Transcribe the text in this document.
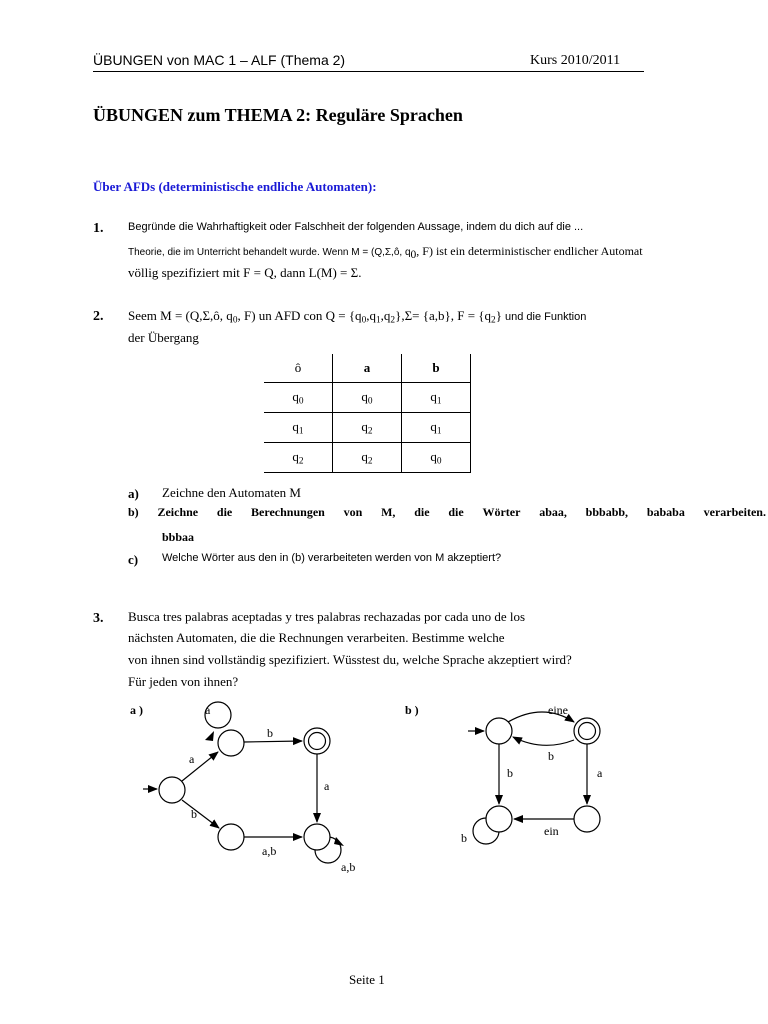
ÜBUNGEN von MAC 1 – ALF (Thema 2)	Kurs 2010/2011
ÜBUNGEN zum THEMA 2: Reguläre Sprachen
Über AFDs (deterministische endliche Automaten):
1. Begründe die Wahrhaftigkeit oder Falschheit der folgenden Aussage, indem du dich auf die ...
Theorie, die im Unterricht behandelt wurde. Wenn M = (Q,Σ,ô, $q_0$, F) ist ein deterministischer endlicher Automat
völlig spezifiziert mit F = Q, dann L(M) = Σ.
2. Seem M = (Q,Σ,ô, $q_0$, F) un AFD con $Q = \{q_0,q_1,q_2\},\Sigma= \{a,b\}$, $F = \{q_2\}$ und die Funktion
der Übergang
ô	a	b
$q_0$	$q_0$	$q_1$
$q_1$	$q_2$	$q_1$
$q_2$	$q_2$	$q_0$
a) Zeichne den Automaten M
b) Zeichne die Berechnungen von M, die die Wörter abaa, bbbabb, bababa verarbeiten.
bbbaa
c) Welche Wörter aus den in (b) verarbeiteten werden von M akzeptiert?
3. Busca tres palabras aceptadas y tres palabras rechazadas por cada uno de los
nächsten Automaten, die die Rechnungen verarbeiten. Bestimme welche
von ihnen sind vollständig spezifiziert. Wüsstest du, welche Sprache akzeptiert wird?
Für jeden von ihnen?
a )	a
b
a
b
a
a,b
a,b
b )	eine
b
b	a
ein
b
Seite 1
